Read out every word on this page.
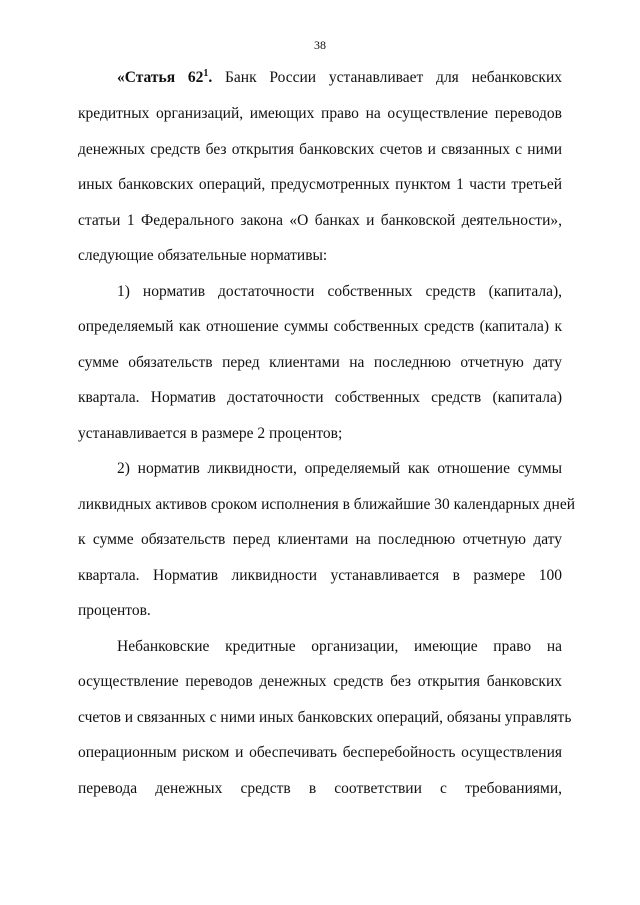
38
«Статья $62^1$. Банк России устанавливает для небанковских
кредитных организаций, имеющих право на осуществление переводов
денежных средств без открытия банковских счетов и связанных с ними
иных банковских операций, предусмотренных пунктом 1 части третьей
статьи 1 Федерального закона «О банках и банковской деятельности»,
следующие обязательные нормативы:
1) норматив достаточности собственных средств (капитала),
определяемый как отношение суммы собственных средств (капитала) к
сумме обязательств перед клиентами на последнюю отчетную дату
квартала. Норматив достаточности собственных средств (капитала)
устанавливается в размере 2 процентов;
2) норматив ликвидности, определяемый как отношение суммы
ликвидных активов сроком исполнения в ближайшие 30 календарных дней
к сумме обязательств перед клиентами на последнюю отчетную дату
квартала. Норматив ликвидности устанавливается в размере 100
процентов.
Небанковские кредитные организации, имеющие право на
осуществление переводов денежных средств без открытия банковских
счетов и связанных с ними иных банковских операций, обязаны управлять
операционным риском и обеспечивать бесперебойность осуществления
перевода денежных средств в соответствии с требованиями,
